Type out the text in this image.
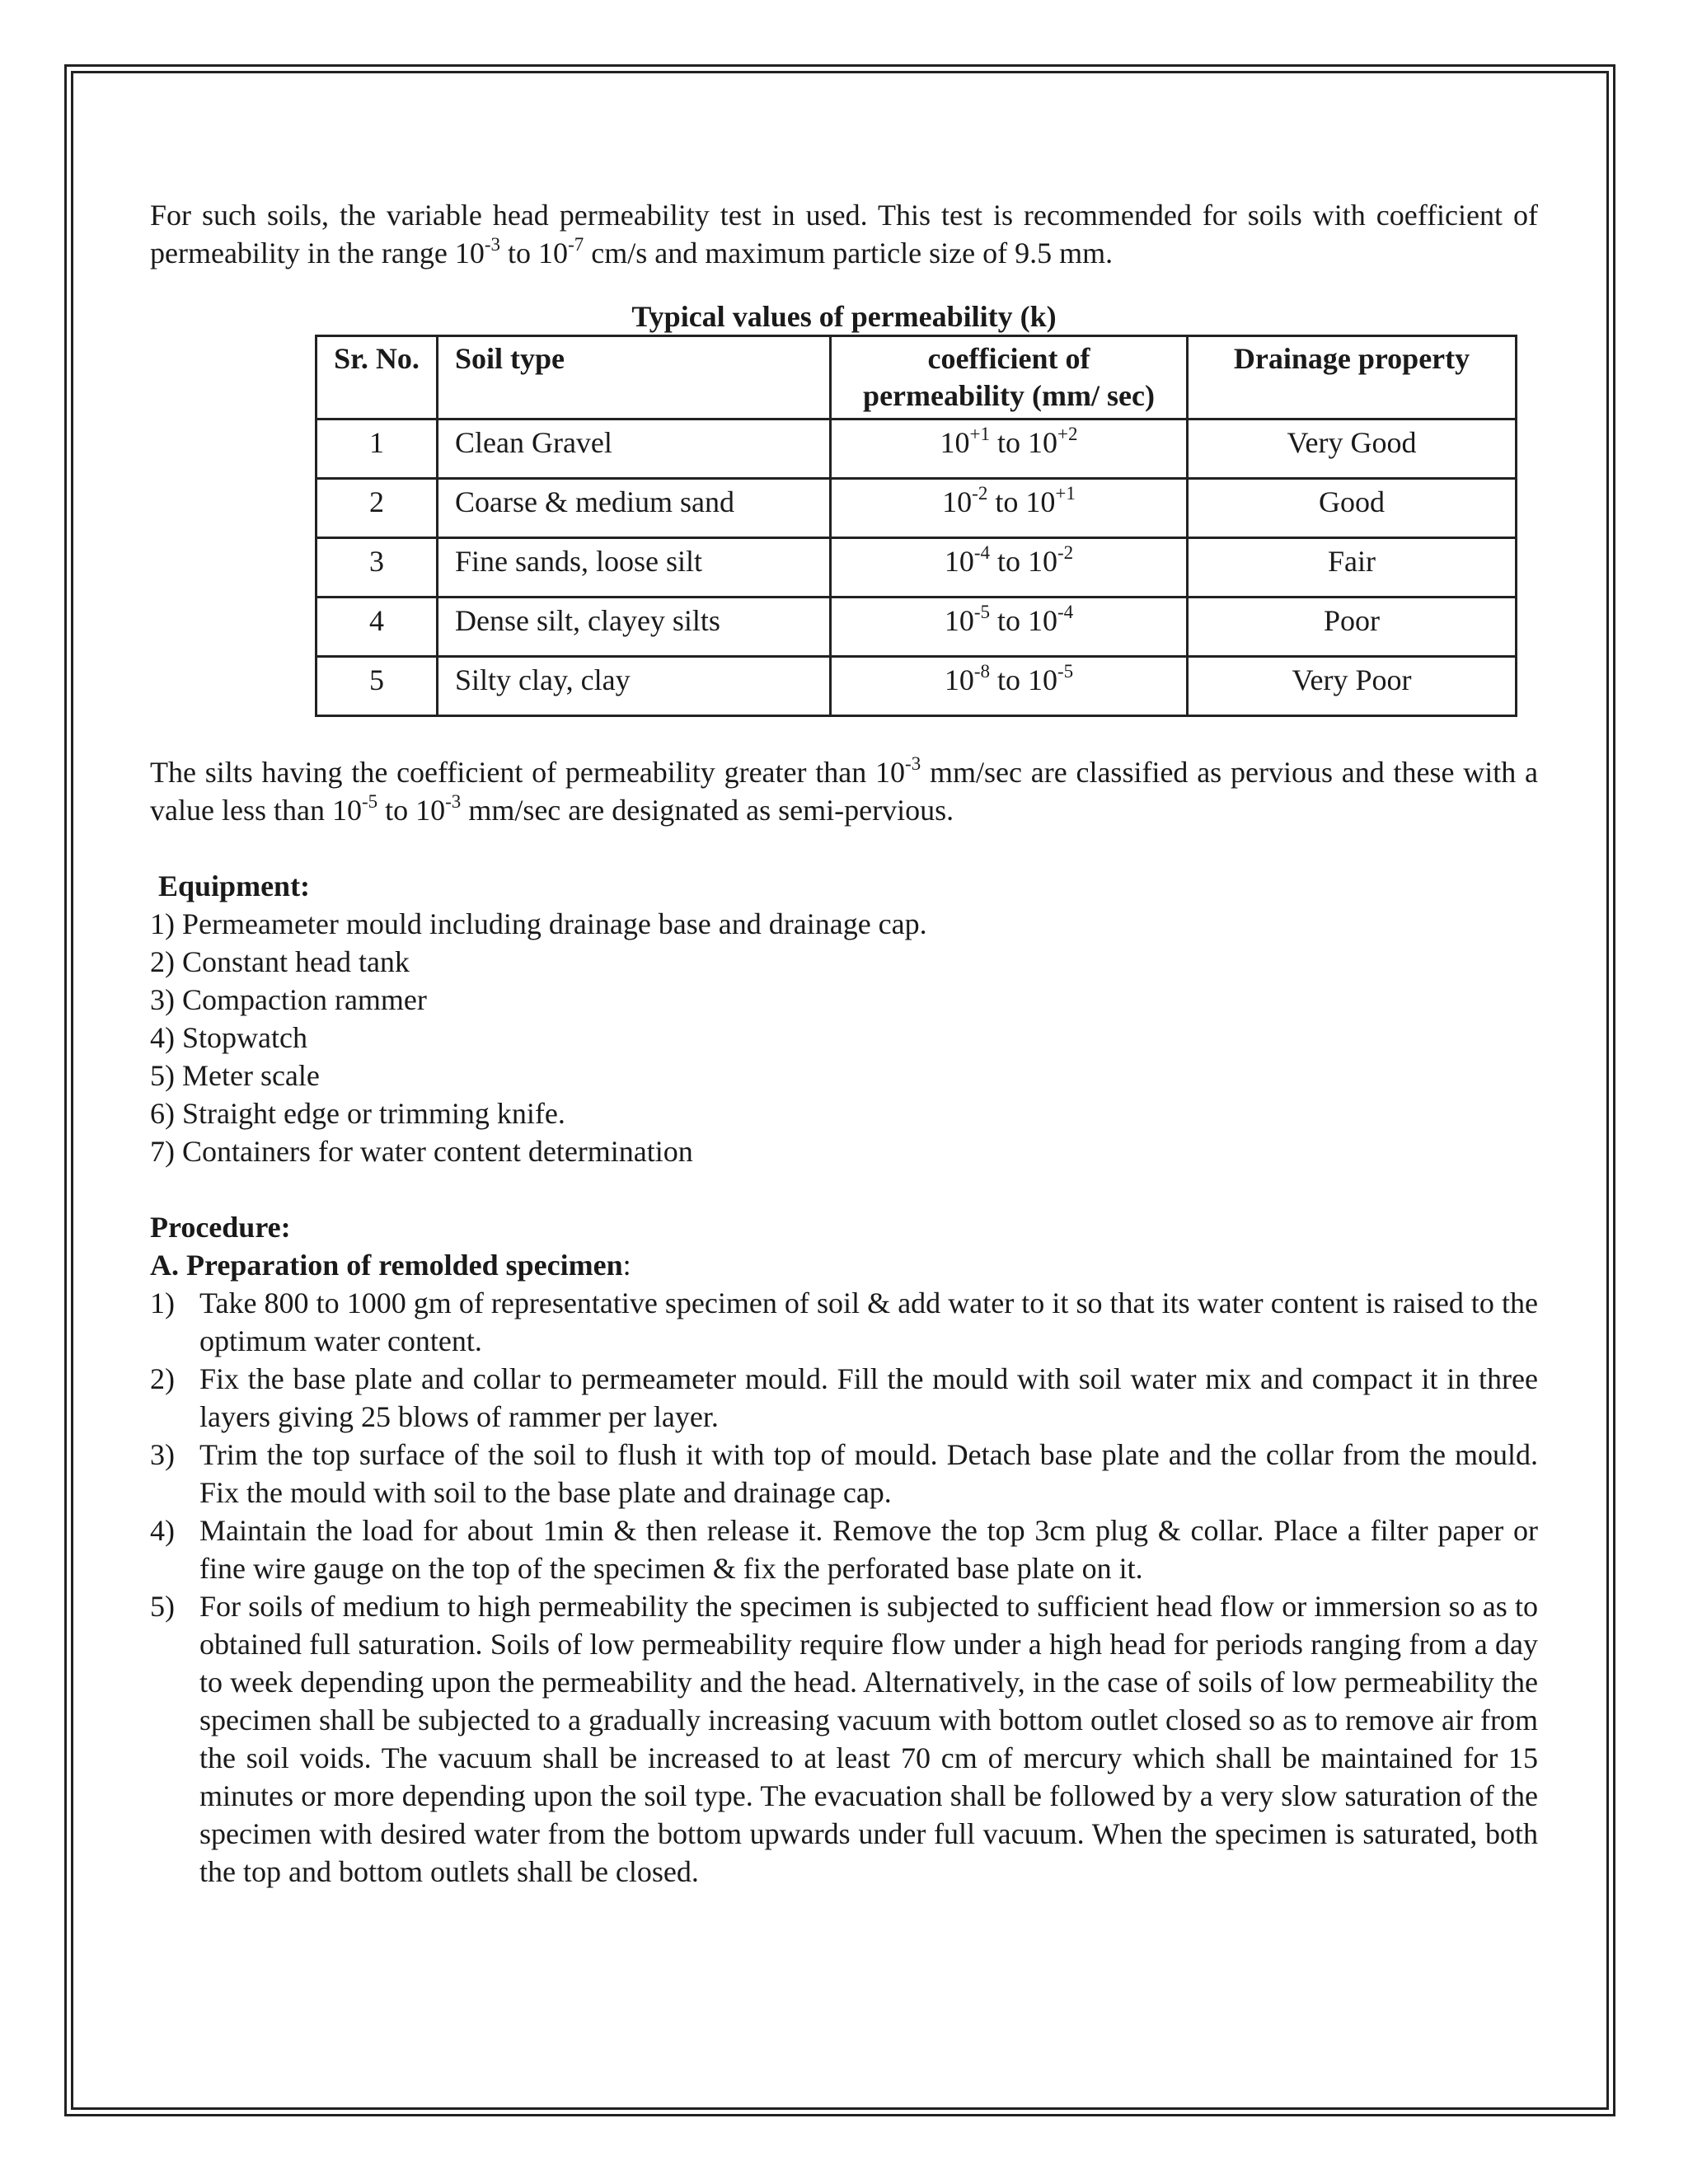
For such soils, the variable head permeability test in used. This test is recommended for soils with coefficient of permeability in the range $10^{-3}$ to $10^{-7}$ cm/s and maximum particle size of 9.5 mm.

Typical values of permeability (k)

Sr. No.	Soil type	coefficient of permeability (mm/ sec)	Drainage property
1	Clean Gravel	$10^{+1}$ to $10^{+2}$	Very Good
2	Coarse & medium sand	$10^{-2}$ to $10^{+1}$	Good
3	Fine sands, loose silt	$10^{-4}$ to $10^{-2}$	Fair
4	Dense silt, clayey silts	$10^{-5}$ to $10^{-4}$	Poor
5	Silty clay, clay	$10^{-8}$ to $10^{-5}$	Very Poor

The silts having the coefficient of permeability greater than $10^{-3}$ mm/sec are classified as pervious and these with a value less than $10^{-5}$ to $10^{-3}$ mm/sec are designated as semi-pervious.

Equipment:

1) Permeameter mould including drainage base and drainage cap.
2) Constant head tank
3) Compaction rammer
4) Stopwatch
5) Meter scale
6) Straight edge or trimming knife.
7) Containers for water content determination

Procedure:

A. Preparation of remolded specimen:

1) Take 800 to 1000 gm of representative specimen of soil & add water to it so that its water content is raised to the optimum water content.
2) Fix the base plate and collar to permeameter mould. Fill the mould with soil water mix and compact it in three layers giving 25 blows of rammer per layer.
3) Trim the top surface of the soil to flush it with top of mould. Detach base plate and the collar from the mould. Fix the mould with soil to the base plate and drainage cap.
4) Maintain the load for about 1min & then release it. Remove the top 3cm plug & collar. Place a filter paper or fine wire gauge on the top of the specimen & fix the perforated base plate on it.
5) For soils of medium to high permeability the specimen is subjected to sufficient head flow or immersion so as to obtained full saturation. Soils of low permeability require flow under a high head for periods ranging from a day to week depending upon the permeability and the head. Alternatively, in the case of soils of low permeability the specimen shall be subjected to a gradually increasing vacuum with bottom outlet closed so as to remove air from the soil voids. The vacuum shall be increased to at least 70 cm of mercury which shall be maintained for 15 minutes or more depending upon the soil type. The evacuation shall be followed by a very slow saturation of the specimen with desired water from the bottom upwards under full vacuum. When the specimen is saturated, both the top and bottom outlets shall be closed.
